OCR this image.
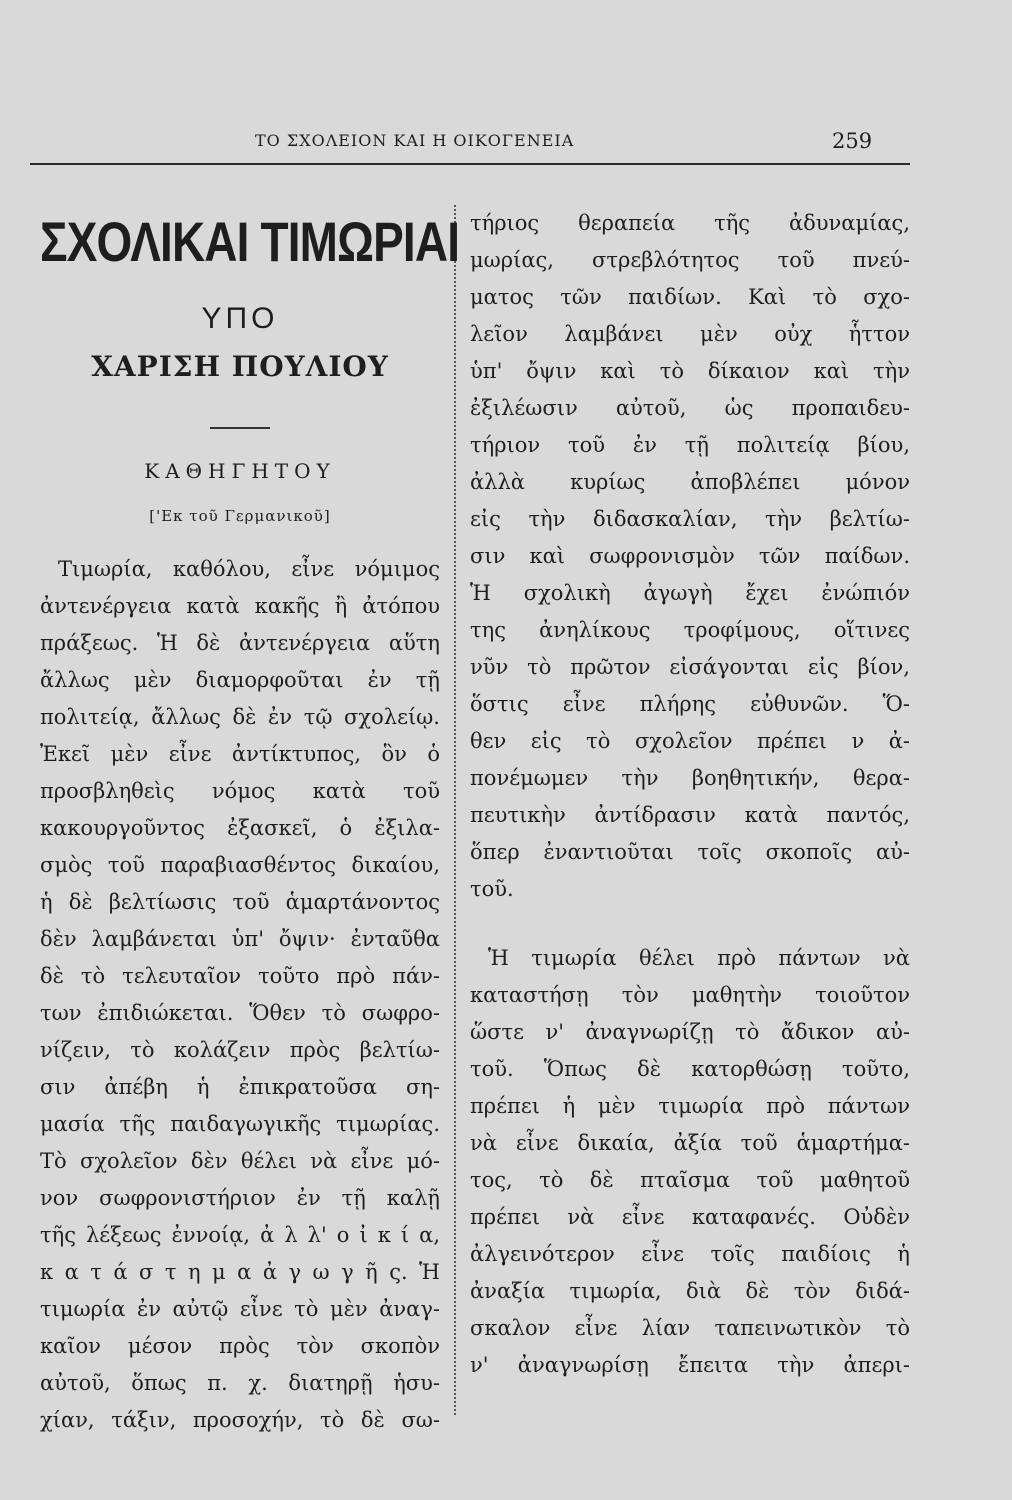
ΤΟ ΣΧΟΛΕΙΟΝ ΚΑΙ Η ΟΙΚΟΓΕΝΕΙΑ	259
ΣΧΟΛΙΚΑΙ ΤΙΜΩΡΙΑΙ
ΥΠΟ
ΧΑΡΙΣΗ ΠΟΥΛΙΟΥ
ΚΑΘΗΓΗΤΟΥ
['Εκ τοῦ Γερμανικοῦ]
Τιμωρία, καθόλου, εἶνε νόμιμος
ἀντενέργεια κατὰ κακῆς ἢ ἀτόπου
πράξεως. Ἡ δὲ ἀντενέργεια αὕτη
ἄλλως μὲν διαμορφοῦται ἐν τῇ
πολιτείᾳ, ἄλλως δὲ ἐν τῷ σχολείῳ.
Ἐκεῖ μὲν εἶνε ἀντίκτυπος, ὃν ὁ
προσβληθεὶς νόμος κατὰ τοῦ
κακουργοῦντος ἐξασκεῖ, ὁ ἐξιλα-
σμὸς τοῦ παραβιασθέντος δικαίου,
ἡ δὲ βελτίωσις τοῦ ἁμαρτάνοντος
δὲν λαμβάνεται ὑπ' ὄψιν· ἐνταῦθα
δὲ τὸ τελευταῖον τοῦτο πρὸ πάν-
των ἐπιδιώκεται. Ὅθεν τὸ σωφρο-
νίζειν, τὸ κολάζειν πρὸς βελτίω-
σιν ἀπέβη ἡ ἐπικρατοῦσα ση-
μασία τῆς παιδαγωγικῆς τιμωρίας.
Τὸ σχολεῖον δὲν θέλει νὰ εἶνε μό-
νον σωφρονιστήριον ἐν τῇ καλῇ
τῆς λέξεως ἐννοίᾳ, ἀ λ λ' ο ἰ κ ί α,
κ α τ ά σ τ η μ α ἀ γ ω γ ῆ ς. Ἡ
τιμωρία ἐν αὐτῷ εἶνε τὸ μὲν ἀναγ-
καῖον μέσον πρὸς τὸν σκοπὸν
αὐτοῦ, ὅπως π. χ. διατηρῇ ἡσυ-
χίαν, τάξιν, προσοχήν, τὸ δὲ σω-
τήριος θεραπεία τῆς ἀδυναμίας,
μωρίας, στρεβλότητος τοῦ πνεύ-
ματος τῶν παιδίων. Καὶ τὸ σχο-
λεῖον λαμβάνει μὲν οὐχ ἧττον
ὑπ' ὄψιν καὶ τὸ δίκαιον καὶ τὴν
ἐξιλέωσιν αὐτοῦ, ὡς προπαιδευ-
τήριον τοῦ ἐν τῇ πολιτείᾳ βίου,
ἀλλὰ κυρίως ἀποβλέπει μόνον
εἰς τὴν διδασκαλίαν, τὴν βελτίω-
σιν καὶ σωφρονισμὸν τῶν παίδων.
Ἡ σχολικὴ ἀγωγὴ ἔχει ἐνώπιόν
της ἀνηλίκους τροφίμους, οἵτινες
νῦν τὸ πρῶτον εἰσάγονται εἰς βίον,
ὅστις εἶνε πλήρης εὐθυνῶν. Ὅ-
θεν εἰς τὸ σχολεῖον πρέπει ν ἀ-
πονέμωμεν τὴν βοηθητικήν, θερα-
πευτικὴν ἀντίδρασιν κατὰ παντός,
ὅπερ ἐναντιοῦται τοῖς σκοποῖς αὐ-
τοῦ.
Ἡ τιμωρία θέλει πρὸ πάντων νὰ
καταστήσῃ τὸν μαθητὴν τοιοῦτον
ὥστε ν' ἀναγνωρίζῃ τὸ ἄδικον αὐ-
τοῦ. Ὅπως δὲ κατορθώσῃ τοῦτο,
πρέπει ἡ μὲν τιμωρία πρὸ πάντων
νὰ εἶνε δικαία, ἀξία τοῦ ἁμαρτήμα-
τος, τὸ δὲ πταῖσμα τοῦ μαθητοῦ
πρέπει νὰ εἶνε καταφανές. Οὐδὲν
ἀλγεινότερον εἶνε τοῖς παιδίοις ἡ
ἀναξία τιμωρία, διὰ δὲ τὸν διδά-
σκαλον εἶνε λίαν ταπεινωτικὸν τὸ
ν' ἀναγνωρίσῃ ἔπειτα τὴν ἀπερι-
